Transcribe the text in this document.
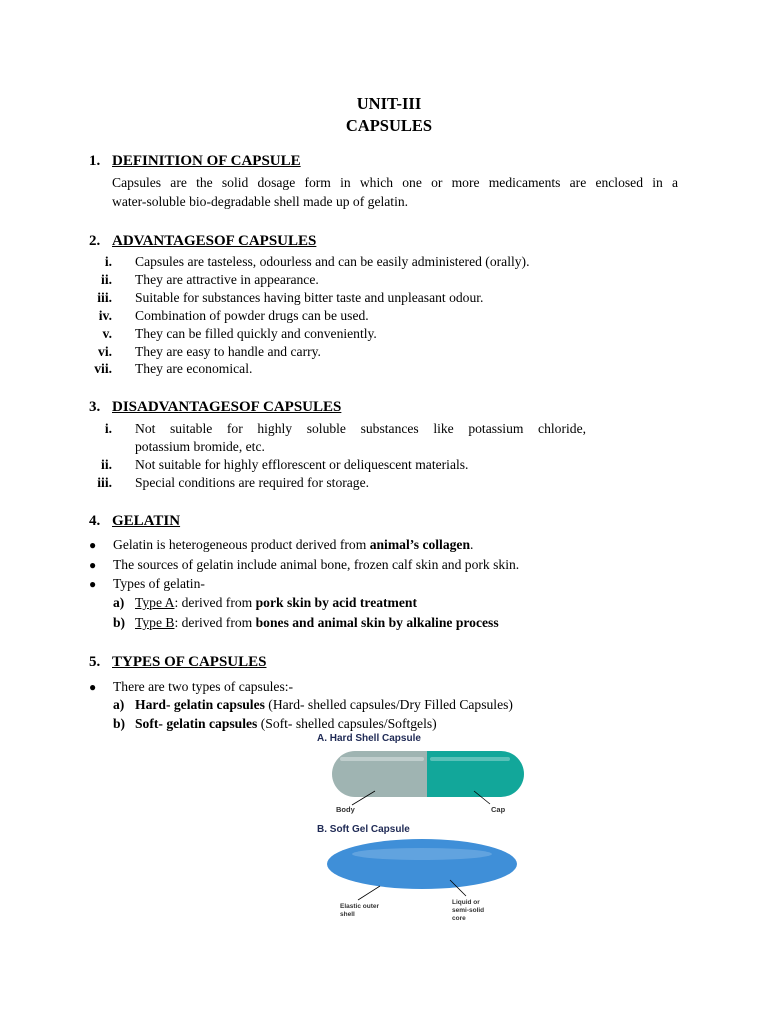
UNIT-III
CAPSULES
1. DEFINITION OF CAPSULE
Capsules are the solid dosage form in which one or more medicaments are enclosed in a
water-soluble bio-degradable shell made up of gelatin.
2. ADVANTAGESOF CAPSULES
i. Capsules are tasteless, odourless and can be easily administered (orally).
ii. They are attractive in appearance.
iii. Suitable for substances having bitter taste and unpleasant odour.
iv. Combination of powder drugs can be used.
v. They can be filled quickly and conveniently.
vi. They are easy to handle and carry.
vii. They are economical.
3. DISADVANTAGESOF CAPSULES
i. Not suitable for highly soluble substances like potassium chloride,
potassium bromide, etc.
ii. Not suitable for highly efflorescent or deliquescent materials.
iii. Special conditions are required for storage.
4. GELATIN
● Gelatin is heterogeneous product derived from animal’s collagen.
● The sources of gelatin include animal bone, frozen calf skin and pork skin.
● Types of gelatin-
a) Type A: derived from pork skin by acid treatment
b) Type B: derived from bones and animal skin by alkaline process
5. TYPES OF CAPSULES
● There are two types of capsules:-
a) Hard- gelatin capsules (Hard- shelled capsules/Dry Filled Capsules)
b) Soft- gelatin capsules (Soft- shelled capsules/Softgels)
A. Hard Shell Capsule
Body	Cap
B. Soft Gel Capsule
Elastic outer
shell
Liquid or
semi-solid
core
